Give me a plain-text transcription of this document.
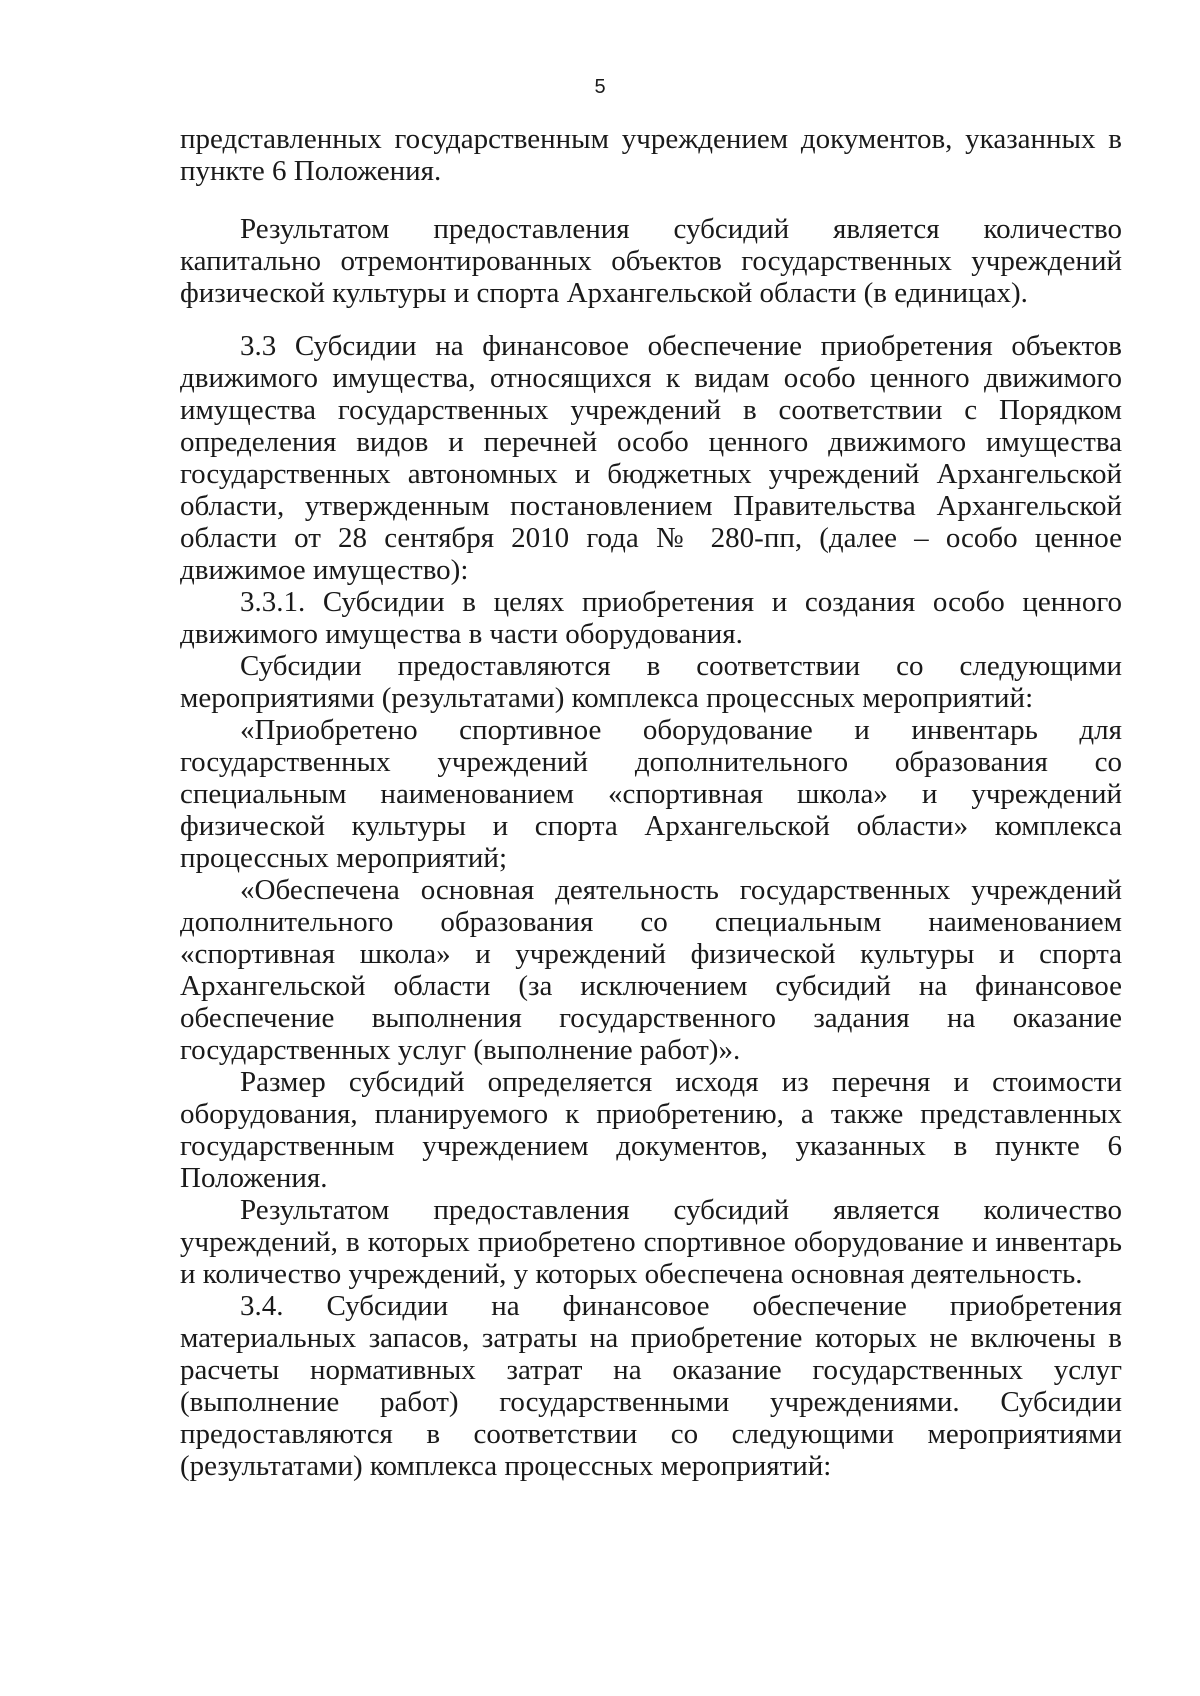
5

представленных государственным учреждением документов, указанных в пункте 6 Положения.

Результатом предоставления субсидий является количество капитально отремонтированных объектов государственных учреждений физической культуры и спорта Архангельской области (в единицах).

3.3 Субсидии на финансовое обеспечение приобретения объектов движимого имущества, относящихся к видам особо ценного движимого имущества государственных учреждений в соответствии с Порядком определения видов и перечней особо ценного движимого имущества государственных автономных и бюджетных учреждений Архангельской области, утвержденным постановлением Правительства Архангельской области от 28 сентября 2010 года № 280-пп, (далее – особо ценное движимое имущество):

3.3.1. Субсидии в целях приобретения и создания особо ценного движимого имущества в части оборудования.

Субсидии предоставляются в соответствии со следующими мероприятиями (результатами) комплекса процессных мероприятий:

«Приобретено спортивное оборудование и инвентарь для государственных учреждений дополнительного образования со специальным наименованием «спортивная школа» и учреждений физической культуры и спорта Архангельской области» комплекса процессных мероприятий;

«Обеспечена основная деятельность государственных учреждений дополнительного образования со специальным наименованием «спортивная школа» и учреждений физической культуры и спорта Архангельской области (за исключением субсидий на финансовое обеспечение выполнения государственного задания на оказание государственных услуг (выполнение работ)».

Размер субсидий определяется исходя из перечня и стоимости оборудования, планируемого к приобретению, а также представленных государственным учреждением документов, указанных в пункте 6 Положения.

Результатом предоставления субсидий является количество учреждений, в которых приобретено спортивное оборудование и инвентарь и количество учреждений, у которых обеспечена основная деятельность.

3.4. Субсидии на финансовое обеспечение приобретения материальных запасов, затраты на приобретение которых не включены в расчеты нормативных затрат на оказание государственных услуг (выполнение работ) государственными учреждениями. Субсидии предоставляются в соответствии со следующими мероприятиями (результатами) комплекса процессных мероприятий:
